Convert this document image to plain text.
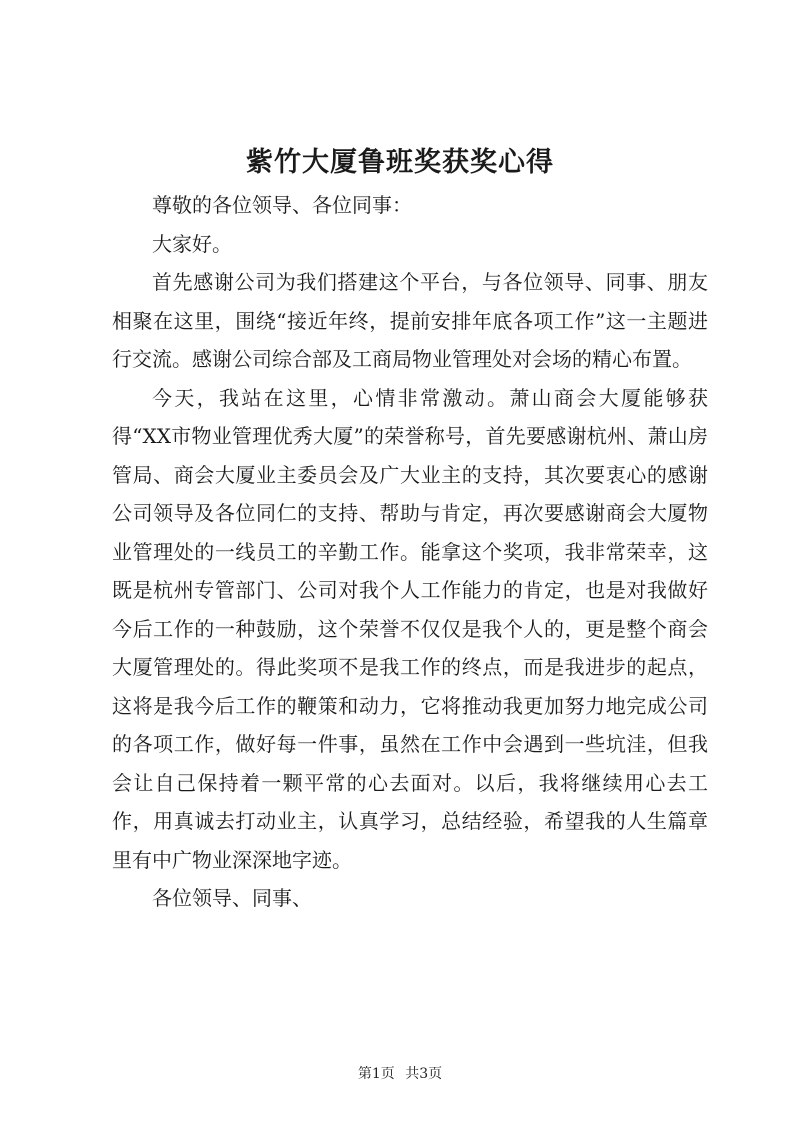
紫竹大厦鲁班奖获奖心得

尊敬的各位领导、各位同事：

大家好。

首先感谢公司为我们搭建这个平台，与各位领导、同事、朋友相聚在这里，围绕“接近年终，提前安排年底各项工作”这一主题进行交流。感谢公司综合部及工商局物业管理处对会场的精心布置。

今天，我站在这里，心情非常激动。萧山商会大厦能够获得“XX市物业管理优秀大厦”的荣誉称号，首先要感谢杭州、萧山房管局、商会大厦业主委员会及广大业主的支持，其次要衷心的感谢公司领导及各位同仁的支持、帮助与肯定，再次要感谢商会大厦物业管理处的一线员工的辛勤工作。能拿这个奖项，我非常荣幸，这既是杭州专管部门、公司对我个人工作能力的肯定，也是对我做好今后工作的一种鼓励，这个荣誉不仅仅是我个人的，更是整个商会大厦管理处的。得此奖项不是我工作的终点，而是我进步的起点，这将是我今后工作的鞭策和动力，它将推动我更加努力地完成公司的各项工作，做好每一件事，虽然在工作中会遇到一些坑洼，但我会让自己保持着一颗平常的心去面对。以后，我将继续用心去工作，用真诚去打动业主，认真学习，总结经验，希望我的人生篇章里有中广物业深深地字迹。

各位领导、同事、

第1页 共3页
